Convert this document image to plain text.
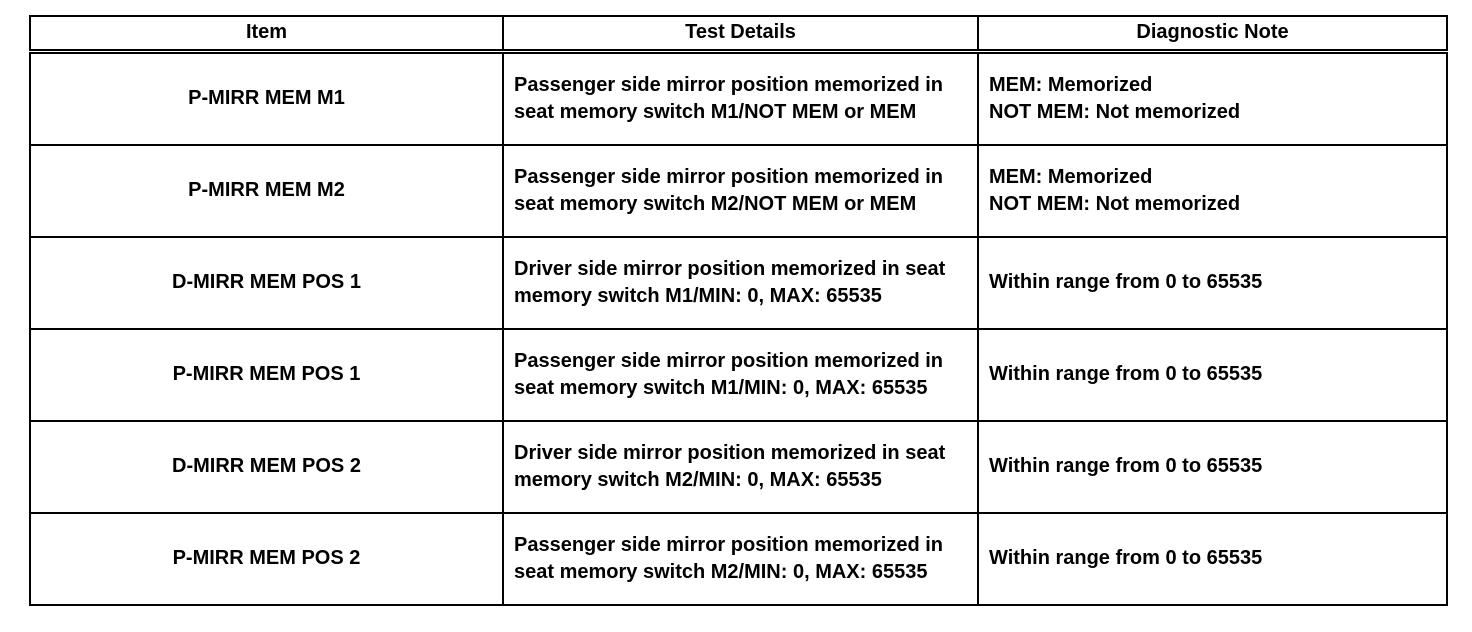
Item	Test Details	Diagnostic Note
P-MIRR MEM M1	Passenger side mirror position memorized in seat memory switch M1/NOT MEM or MEM	MEM: Memorized
NOT MEM: Not memorized

P-MIRR MEM M2	Passenger side mirror position memorized in seat memory switch M2/NOT MEM or MEM	MEM: Memorized
NOT MEM: Not memorized

D-MIRR MEM POS 1	Driver side mirror position memorized in seat memory switch M1/MIN: 0, MAX: 65535	Within range from 0 to 65535
P-MIRR MEM POS 1	Passenger side mirror position memorized in seat memory switch M1/MIN: 0, MAX: 65535	Within range from 0 to 65535
D-MIRR MEM POS 2	Driver side mirror position memorized in seat memory switch M2/MIN: 0, MAX: 65535	Within range from 0 to 65535
P-MIRR MEM POS 2	Passenger side mirror position memorized in seat memory switch M2/MIN: 0, MAX: 65535	Within range from 0 to 65535
